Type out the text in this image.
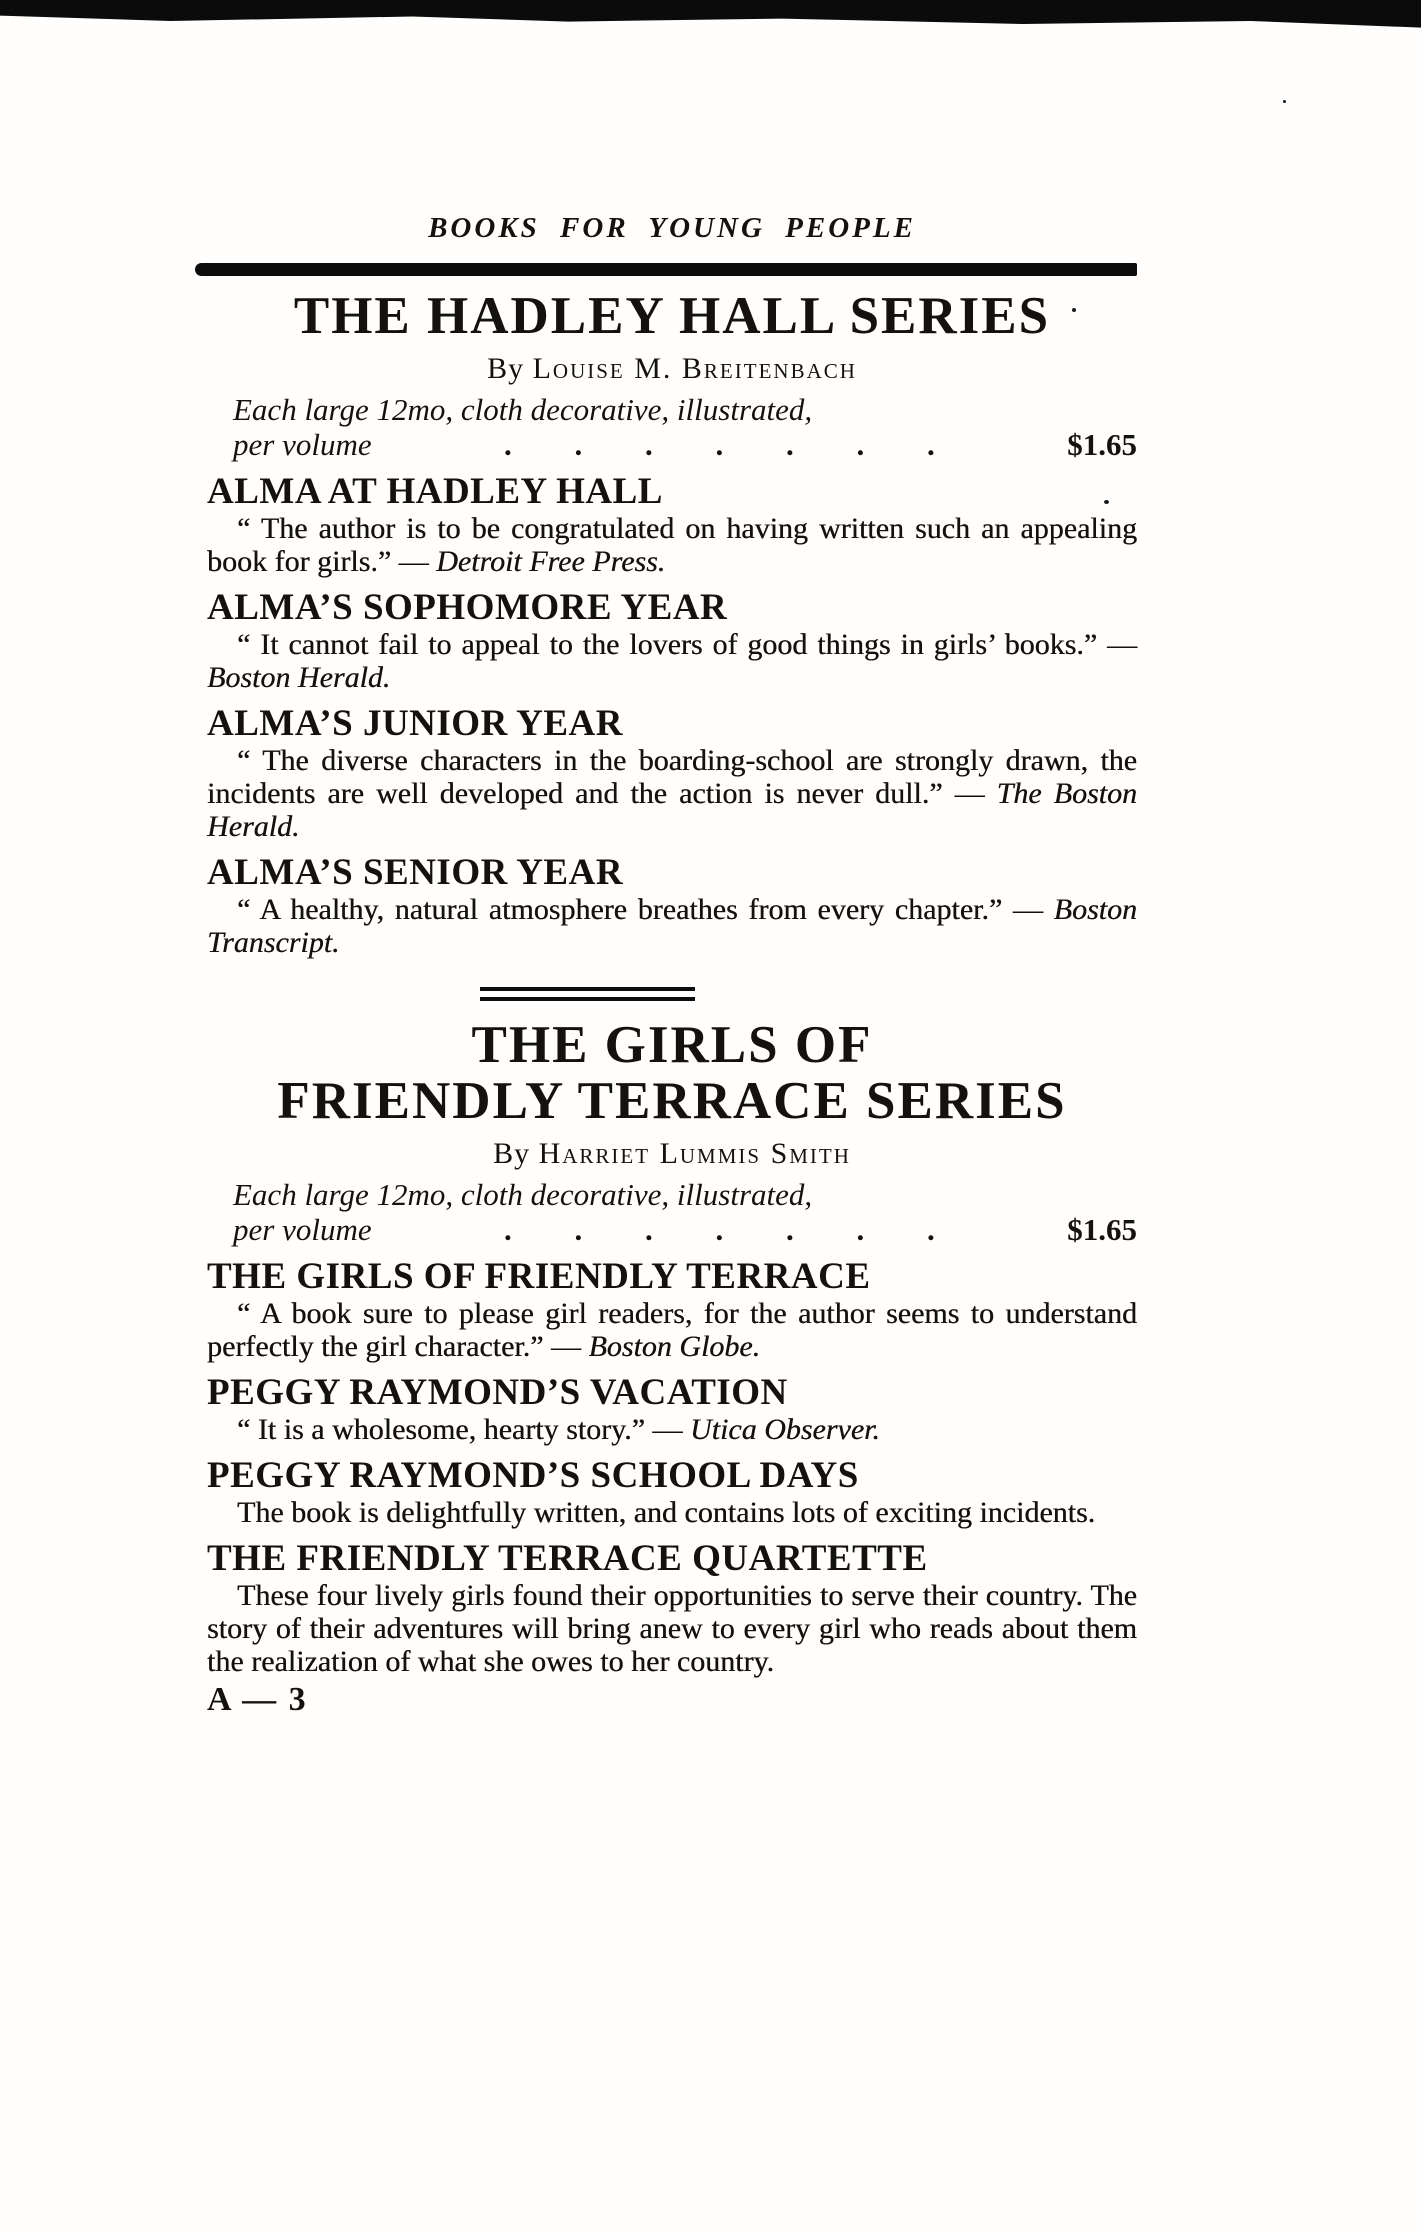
BOOKS FOR YOUNG PEOPLE
THE HADLEY HALL SERIES
By Louise M. Breitenbach
Each large 12mo, cloth decorative, illustrated,
per volume	. . . . . . .	$1.65
ALMA AT HADLEY HALL

“ The author is to be congratulated on having written such an appealing book for girls.” — Detroit Free Press.

ALMA’S SOPHOMORE YEAR

“ It cannot fail to appeal to the lovers of good things in girls’ books.” — Boston Herald.

ALMA’S JUNIOR YEAR

“ The diverse characters in the boarding-school are strongly drawn, the incidents are well developed and the action is never dull.” — The Boston Herald.

ALMA’S SENIOR YEAR

“ A healthy, natural atmosphere breathes from every chapter.” — Boston Transcript.

THE GIRLS OF
FRIENDLY TERRACE SERIES
By Harriet Lummis Smith
Each large 12mo, cloth decorative, illustrated,
per volume	. . . . . . .	$1.65
THE GIRLS OF FRIENDLY TERRACE

“ A book sure to please girl readers, for the author seems to understand perfectly the girl character.” — Boston Globe.

PEGGY RAYMOND’S VACATION

“ It is a wholesome, hearty story.” — Utica Observer.

PEGGY RAYMOND’S SCHOOL DAYS

The book is delightfully written, and contains lots of exciting incidents.

THE FRIENDLY TERRACE QUARTETTE

These four lively girls found their opportunities to serve their country. The story of their adventures will bring anew to every girl who reads about them the realization of what she owes to her country.

A — 3
